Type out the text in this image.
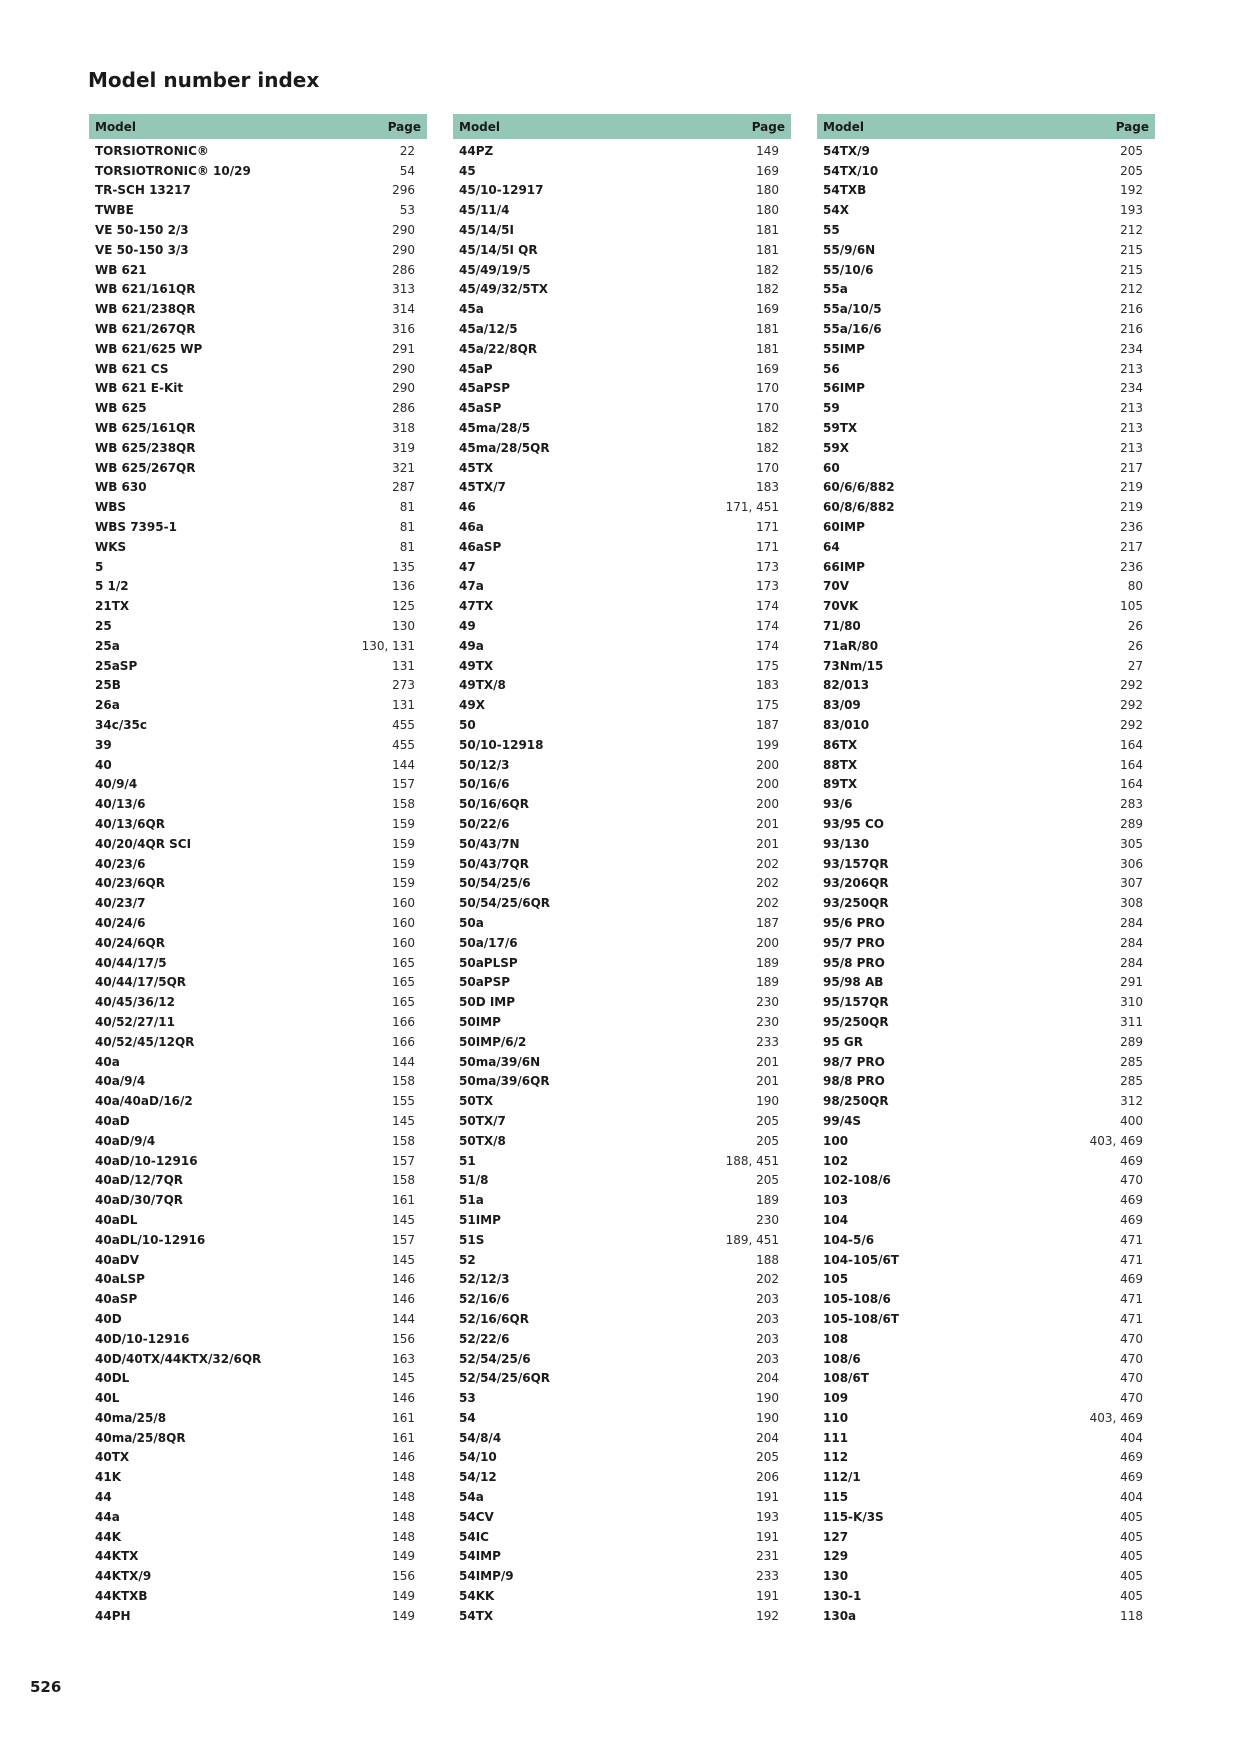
Model number index
Model	Page
TORSIOTRONIC®	22
TORSIOTRONIC® 10/29	54
TR-SCH 13217	296
TWBE	53
VE 50-150 2/3	290
VE 50-150 3/3	290
WB 621	286
WB 621/161QR	313
WB 621/238QR	314
WB 621/267QR	316
WB 621/625 WP	291
WB 621 CS	290
WB 621 E-Kit	290
WB 625	286
WB 625/161QR	318
WB 625/238QR	319
WB 625/267QR	321
WB 630	287
WBS	81
WBS 7395-1	81
WKS	81
5	135
5 1/2	136
21TX	125
25	130
25a	130, 131
25aSP	131
25B	273
26a	131
34c/35c	455
39	455
40	144
40/9/4	157
40/13/6	158
40/13/6QR	159
40/20/4QR SCI	159
40/23/6	159
40/23/6QR	159
40/23/7	160
40/24/6	160
40/24/6QR	160
40/44/17/5	165
40/44/17/5QR	165
40/45/36/12	165
40/52/27/11	166
40/52/45/12QR	166
40a	144
40a/9/4	158
40a/40aD/16/2	155
40aD	145
40aD/9/4	158
40aD/10-12916	157
40aD/12/7QR	158
40aD/30/7QR	161
40aDL	145
40aDL/10-12916	157
40aDV	145
40aLSP	146
40aSP	146
40D	144
40D/10-12916	156
40D/40TX/44KTX/32/6QR	163
40DL	145
40L	146
40ma/25/8	161
40ma/25/8QR	161
40TX	146
41K	148
44	148
44a	148
44K	148
44KTX	149
44KTX/9	156
44KTXB	149
44PH	149
Model	Page
44PZ	149
45	169
45/10-12917	180
45/11/4	180
45/14/5I	181
45/14/5I QR	181
45/49/19/5	182
45/49/32/5TX	182
45a	169
45a/12/5	181
45a/22/8QR	181
45aP	169
45aPSP	170
45aSP	170
45ma/28/5	182
45ma/28/5QR	182
45TX	170
45TX/7	183
46	171, 451
46a	171
46aSP	171
47	173
47a	173
47TX	174
49	174
49a	174
49TX	175
49TX/8	183
49X	175
50	187
50/10-12918	199
50/12/3	200
50/16/6	200
50/16/6QR	200
50/22/6	201
50/43/7N	201
50/43/7QR	202
50/54/25/6	202
50/54/25/6QR	202
50a	187
50a/17/6	200
50aPLSP	189
50aPSP	189
50D IMP	230
50IMP	230
50IMP/6/2	233
50ma/39/6N	201
50ma/39/6QR	201
50TX	190
50TX/7	205
50TX/8	205
51	188, 451
51/8	205
51a	189
51IMP	230
51S	189, 451
52	188
52/12/3	202
52/16/6	203
52/16/6QR	203
52/22/6	203
52/54/25/6	203
52/54/25/6QR	204
53	190
54	190
54/8/4	204
54/10	205
54/12	206
54a	191
54CV	193
54IC	191
54IMP	231
54IMP/9	233
54KK	191
54TX	192
Model	Page
54TX/9	205
54TX/10	205
54TXB	192
54X	193
55	212
55/9/6N	215
55/10/6	215
55a	212
55a/10/5	216
55a/16/6	216
55IMP	234
56	213
56IMP	234
59	213
59TX	213
59X	213
60	217
60/6/6/882	219
60/8/6/882	219
60IMP	236
64	217
66IMP	236
70V	80
70VK	105
71/80	26
71aR/80	26
73Nm/15	27
82/013	292
83/09	292
83/010	292
86TX	164
88TX	164
89TX	164
93/6	283
93/95 CO	289
93/130	305
93/157QR	306
93/206QR	307
93/250QR	308
95/6 PRO	284
95/7 PRO	284
95/8 PRO	284
95/98 AB	291
95/157QR	310
95/250QR	311
95 GR	289
98/7 PRO	285
98/8 PRO	285
98/250QR	312
99/4S	400
100	403, 469
102	469
102-108/6	470
103	469
104	469
104-5/6	471
104-105/6T	471
105	469
105-108/6	471
105-108/6T	471
108	470
108/6	470
108/6T	470
109	470
110	403, 469
111	404
112	469
112/1	469
115	404
115-K/3S	405
127	405
129	405
130	405
130-1	405
130a	118
526
